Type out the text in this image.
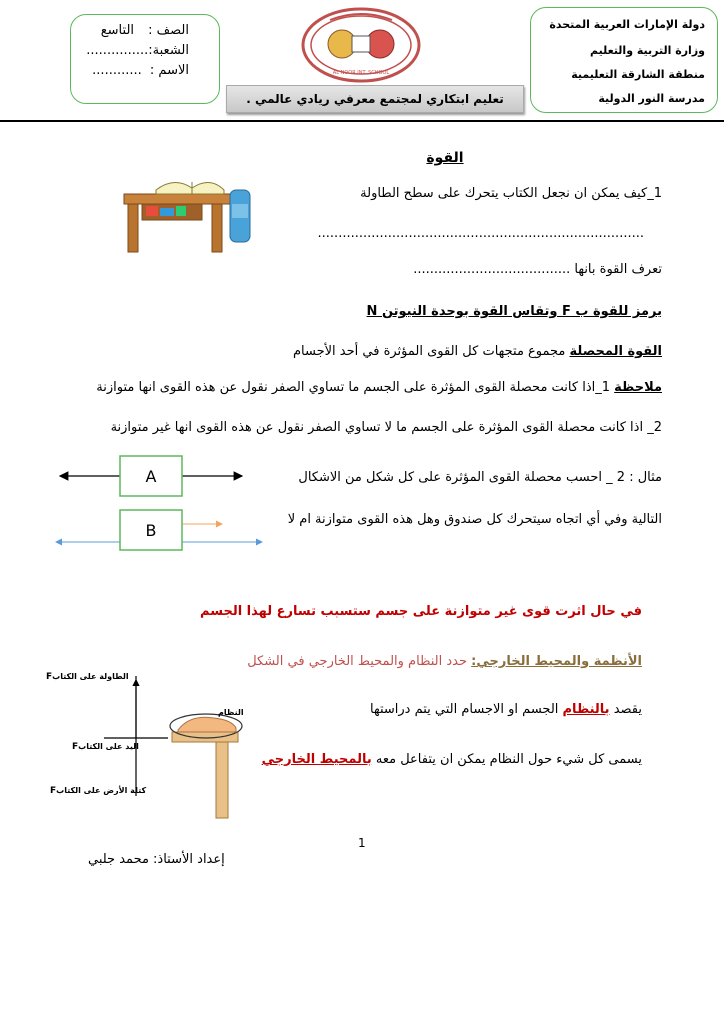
دولة الإمارات العربية المتحدة
وزارة التربية والتعليم
منطقة الشارقة التعليمية
مدرسة النور الدولية
الصف : التاسع
الشعبة:...............
الاسم : ............	AL NOOR INT. SCHOOL
تعليم ابتكاري لمجتمع معرفي ريادي عالمي .
القوة
1_كيف يمكن ان نجعل الكتاب يتحرك على سطح الطاولة
...............................................................................
تعرف القوة بانها ......................................
يرمز للقوة ب F وتقاس القوة بوحدة النيوتن N
القوة المحصلة مجموع متجهات كل القوى المؤثرة في أحد الأجسام
ملاحظة 1_اذا كانت محصلة القوى المؤثرة على الجسم ما تساوي الصفر نقول عن هذه القوى انها متوازنة
2_ اذا كانت محصلة القوى المؤثرة على الجسم ما لا تساوي الصفر نقول عن هذه القوى انها غير متوازنة
مثال : 2 _ احسب محصلة القوى المؤثرة على كل شكل من الاشكال
التالية وفي أي اتجاه سيتحرك كل صندوق وهل هذه القوى متوازنة ام لا
A
B
في حال اثرت قوى غير متوازنة على جسم ستسبب تسارع لهذا الجسم
الأنظمة والمحيط الخارجي: حدد النظام والمحيط الخارجي في الشكل
يقصد بالنظام الجسم او الاجسام التي يتم دراستها
يسمى كل شيء حول النظام يمكن ان يتفاعل معه بالمحيط الخارجي
Fالطاولة على الكتاب
Fاليد على الكتاب
Fكتلة الأرض على الكتاب
النظام
1
إعداد الأستاذ: محمد جلبي
